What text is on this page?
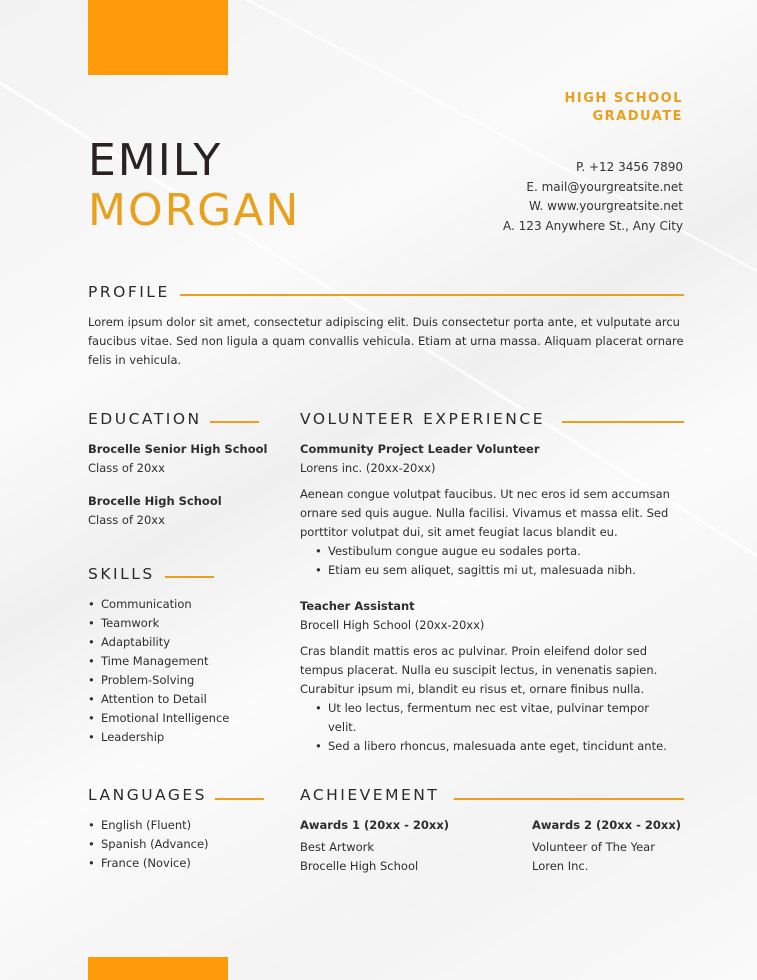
EMILY
MORGAN
HIGH SCHOOL
GRADUATE
P. +12 3456 7890
E. mail@yourgreatsite.net
W. www.yourgreatsite.net
A. 123 Anywhere St., Any City
PROFILE
Lorem ipsum dolor sit amet, consectetur adipiscing elit. Duis consectetur porta ante, et vulputate arcu faucibus vitae. Sed non ligula a quam convallis vehicula. Etiam at urna massa. Aliquam placerat ornare felis in vehicula.
EDUCATION
Brocelle Senior High School
Class of 20xx
Brocelle High School
Class of 20xx
SKILLS
• Communication
• Teamwork
• Adaptability
• Time Management
• Problem-Solving
• Attention to Detail
• Emotional Intelligence
• Leadership
LANGUAGES
• English (Fluent)
• Spanish (Advance)
• France (Novice)
VOLUNTEER EXPERIENCE
Community Project Leader Volunteer
Lorens inc. (20xx-20xx)
Aenean congue volutpat faucibus. Ut nec eros id sem accumsan ornare sed quis augue. Nulla facilisi. Vivamus et massa elit. Sed porttitor volutpat dui, sit amet feugiat lacus blandit eu.
• Vestibulum congue augue eu sodales porta.
• Etiam eu sem aliquet, sagittis mi ut, malesuada nibh.
Teacher Assistant
Brocell High School (20xx-20xx)
Cras blandit mattis eros ac pulvinar. Proin eleifend dolor sed tempus placerat. Nulla eu suscipit lectus, in venenatis sapien. Curabitur ipsum mi, blandit eu risus et, ornare finibus nulla.
• Ut leo lectus, fermentum nec est vitae, pulvinar tempor velit.
• Sed a libero rhoncus, malesuada ante eget, tincidunt ante.
ACHIEVEMENT
Awards 1 (20xx - 20xx)
Best Artwork
Brocelle High School
Awards 2 (20xx - 20xx)
Volunteer of The Year
Loren Inc.
